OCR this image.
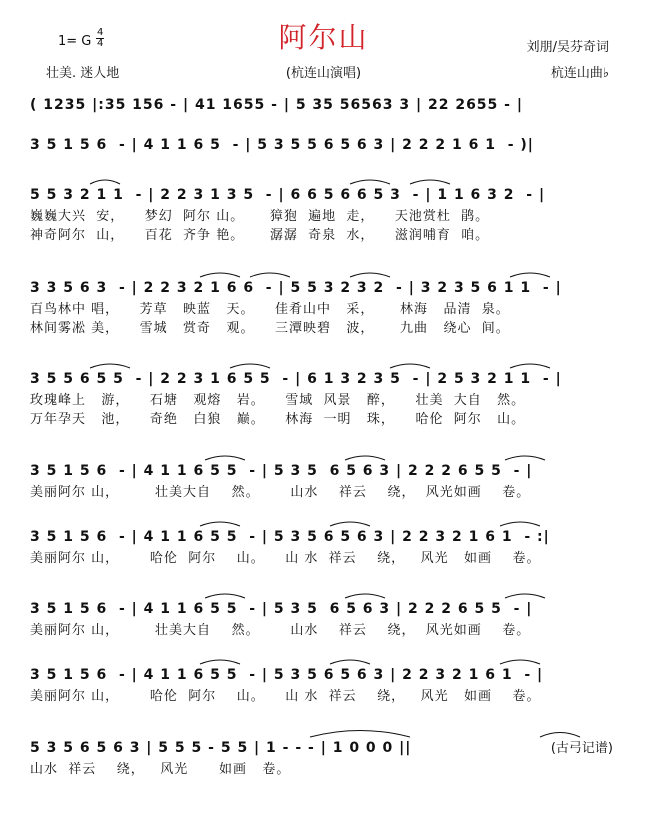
1= G
4
4	阿尔山	刘朋/吴芬奇词
壮美. 迷人地	(杭连山演唱)	杭连山曲♭
( 1235 |:35 156 - | 41 1655 - | 5 35 56563 3 | 22 2655 - |
3 5 1 5 6  - | 4 1 1 6 5  - | 5 3 5 5 6 5 6 3 | 2 2 2 1 6 1  - )|
5 5 3 2 1 1  - | 2 2 3 1 3 5  - | 6 6 5 6 6 5 3  - | 1 1 6 3 2  - |
巍巍大兴  安，    梦幻  阿尔 山。     獐狍  遍地  走，    天池赏杜  鹃。
神奇阿尔  山，    百花  齐争 艳。     潺潺  奇泉  水，    滋润哺育  咱。
3 3 5 6 3  - | 2 2 3 2 1 6 6  - | 5 5 3 2 3 2  - | 3 2 3 5 6 1 1  - |
百鸟林中 唱，    芳草   映蓝   天。    佳肴山中   采，     林海   品清  泉。
林间雾凇 美，    雪城   赏奇   观。    三潭映碧   波，     九曲   绕心  间。
3 5 5 6 5 5  - | 2 2 3 1 6 5 5  - | 6 1 3 2 3 5  - | 2 5 3 2 1 1  - |
玫瑰峰上   游，    石塘   观熔   岩。    雪域  风景   醉，    壮美  大自   然。
万年孕天   池，    奇绝   白狼   巅。    林海  一明   珠，    哈伦  阿尔   山。
3 5 1 5 6  - | 4 1 1 6 5 5  - | 5 3 5  6 5 6 3 | 2 2 2 6 5 5  - |
美丽阿尔 山，       壮美大自    然。      山水    祥云    绕，  风光如画    卷。
3 5 1 5 6  - | 4 1 1 6 5 5  - | 5 3 5 6 5 6 3 | 2 2 3 2 1 6 1  - :|
美丽阿尔 山，      哈伦  阿尔    山。    山 水  祥云    绕，   风光   如画    卷。
3 5 1 5 6  - | 4 1 1 6 5 5  - | 5 3 5  6 5 6 3 | 2 2 2 6 5 5  - |
美丽阿尔 山，       壮美大自    然。      山水    祥云    绕，  风光如画    卷。
3 5 1 5 6  - | 4 1 1 6 5 5  - | 5 3 5 6 5 6 3 | 2 2 3 2 1 6 1  - |
美丽阿尔 山，      哈伦  阿尔    山。    山 水  祥云    绕，   风光   如画    卷。
5 3 5 6 5 6 3 | 5 5 5 - 5 5 | 1 - - - | 1 0 0 0 ||
山水  祥云    绕，   风光      如画   卷。
(古弓记谱)
